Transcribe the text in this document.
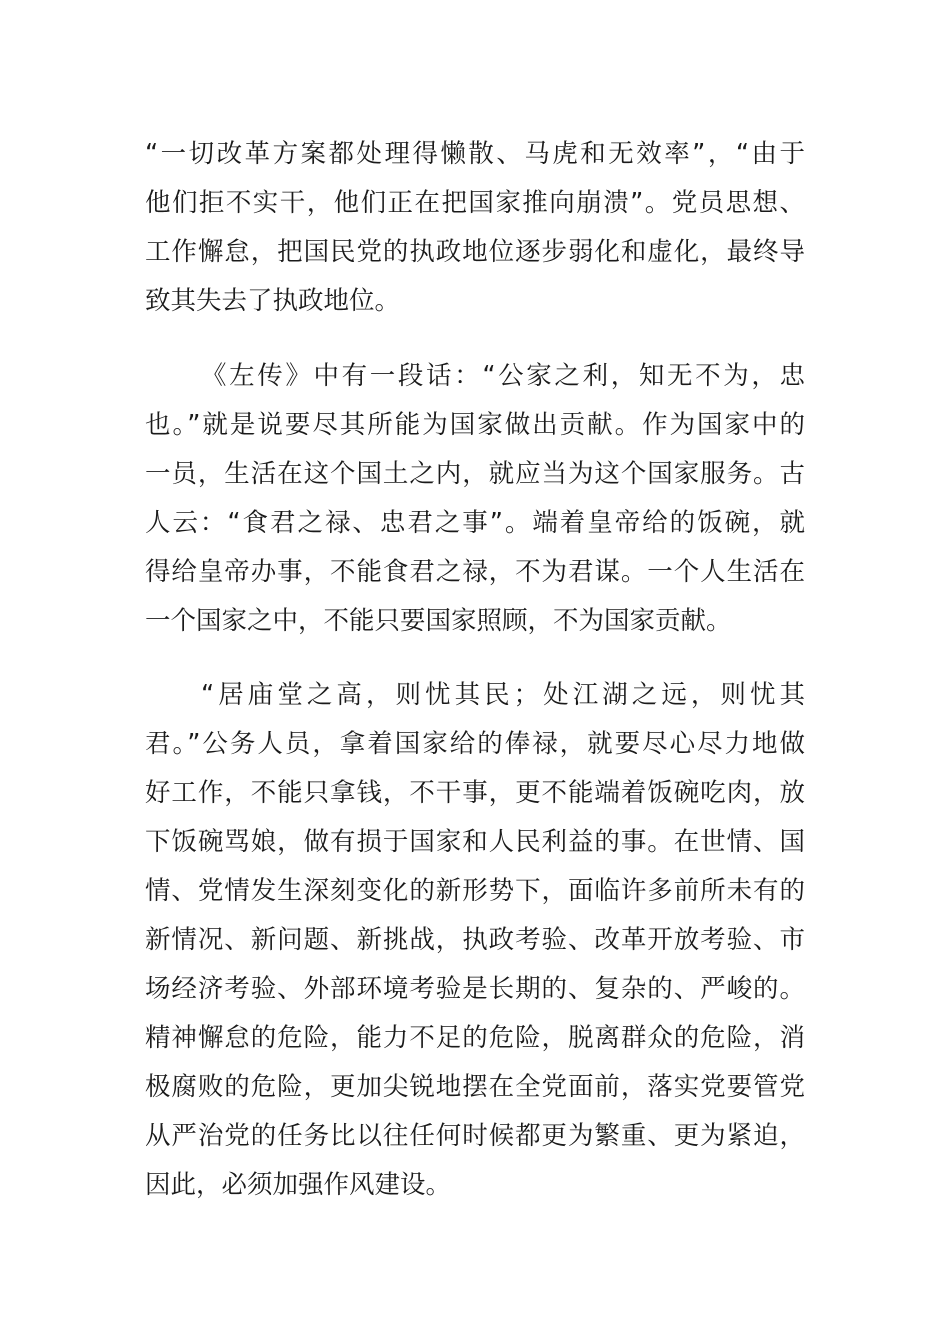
“一切改革方案都处理得懒散、马虎和无效率”，“由于
他们拒不实干，他们正在把国家推向崩溃”。党员思想、
工作懈怠，把国民党的执政地位逐步弱化和虚化，最终导
致其失去了执政地位。
《左传》中有一段话：“公家之利，知无不为，忠
也。”就是说要尽其所能为国家做出贡献。作为国家中的
一员，生活在这个国土之内，就应当为这个国家服务。古
人云：“食君之禄、忠君之事”。端着皇帝给的饭碗，就
得给皇帝办事，不能食君之禄，不为君谋。一个人生活在
一个国家之中，不能只要国家照顾，不为国家贡献。
“居庙堂之高，则忧其民；处江湖之远，则忧其
君。”公务人员，拿着国家给的俸禄，就要尽心尽力地做
好工作，不能只拿钱，不干事，更不能端着饭碗吃肉，放
下饭碗骂娘，做有损于国家和人民利益的事。在世情、国
情、党情发生深刻变化的新形势下，面临许多前所未有的
新情况、新问题、新挑战，执政考验、改革开放考验、市
场经济考验、外部环境考验是长期的、复杂的、严峻的。
精神懈怠的危险，能力不足的危险，脱离群众的危险，消
极腐败的危险，更加尖锐地摆在全党面前，落实党要管党
从严治党的任务比以往任何时候都更为繁重、更为紧迫，
因此，必须加强作风建设。
